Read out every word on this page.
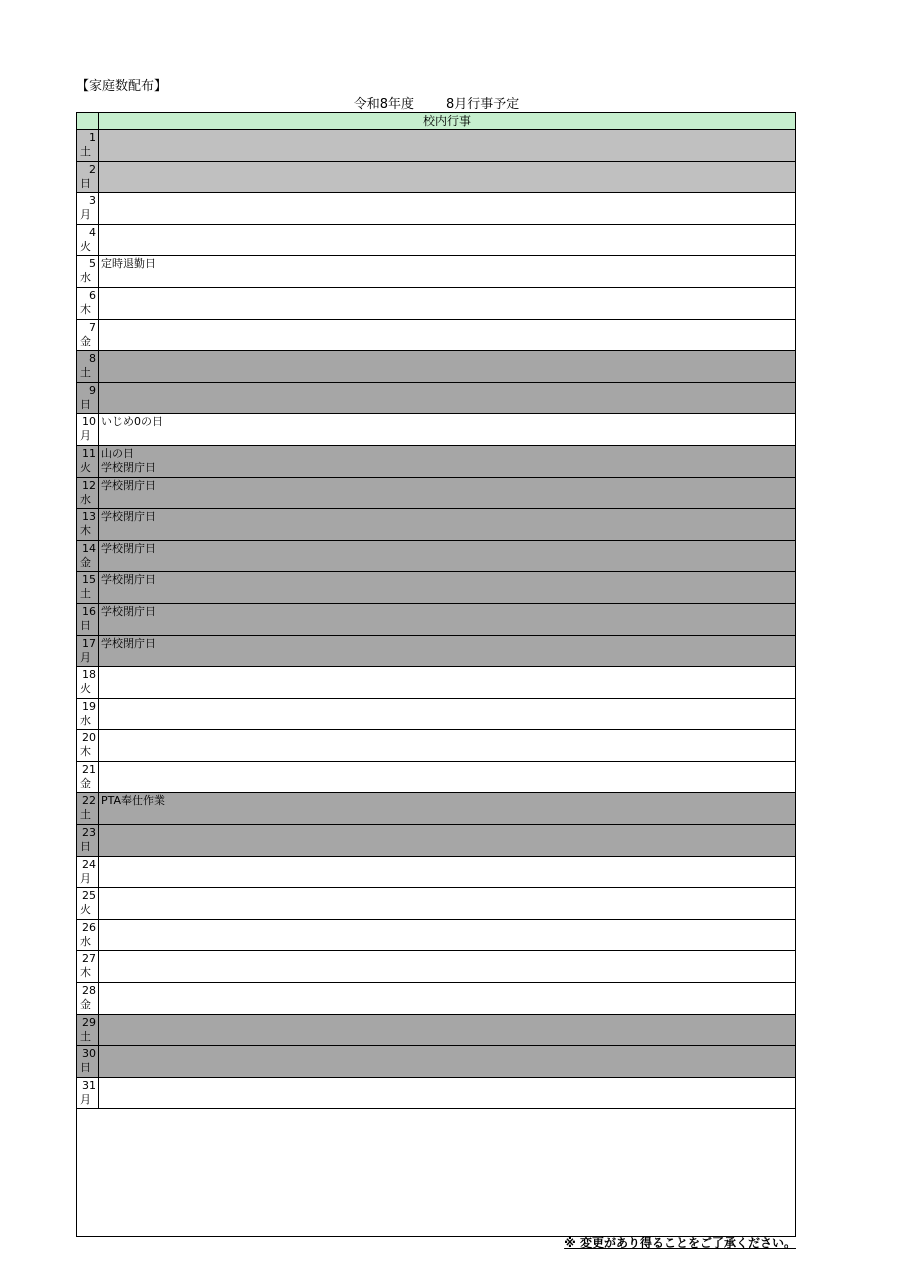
【家庭数配布】
令和8年度 8月行事予定
校内行事
1
土
2
日
3
月
4
火
5
水
定時退勤日
6
木
7
金
8
土
9
日
10
月
いじめ0の日
11
火
山の日
学校閉庁日
12
水
学校閉庁日
13
木
学校閉庁日
14
金
学校閉庁日
15
土
学校閉庁日
16
日
学校閉庁日
17
月
学校閉庁日
18
火
19
水
20
木
21
金
22
土
PTA奉仕作業
23
日
24
月
25
火
26
水
27
木
28
金
29
土
30
日
31
月
※ 変更があり得ることをご了承ください。
